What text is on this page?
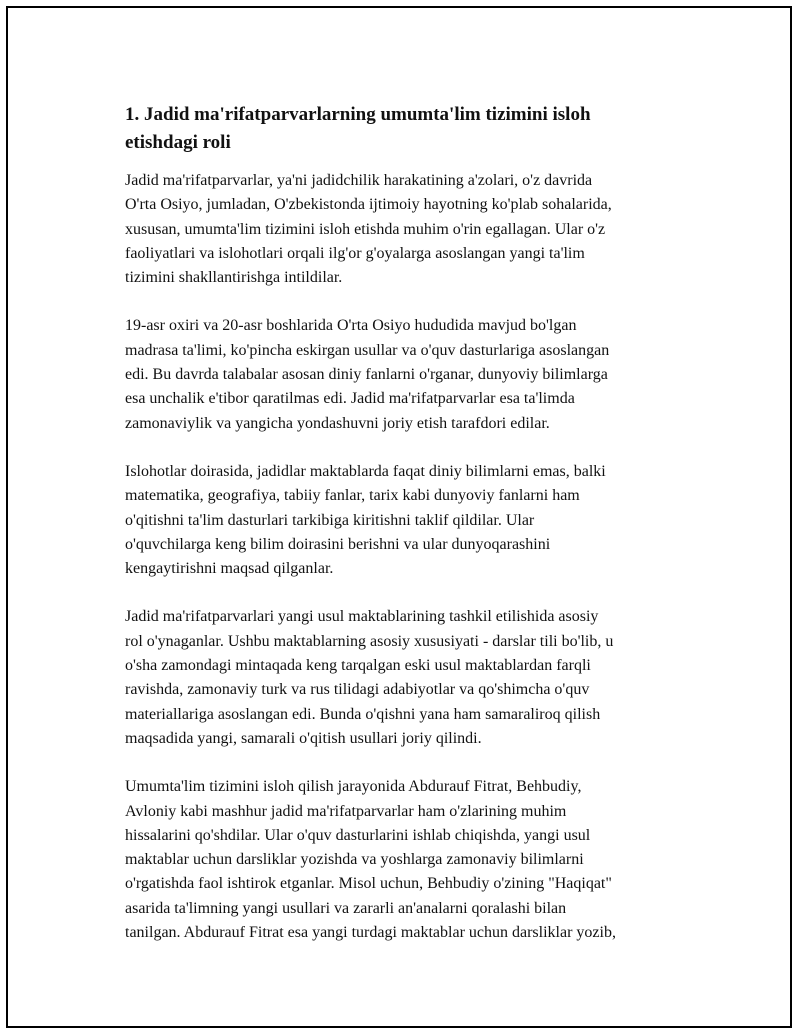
1. Jadid ma'rifatparvarlarning umumta'lim tizimini isloh
etishdagi roli

Jadid ma'rifatparvarlar, ya'ni jadidchilik harakatining a'zolari, o'z davrida
O'rta Osiyo, jumladan, O'zbekistonda ijtimoiy hayotning ko'plab sohalarida,
xususan, umumta'lim tizimini isloh etishda muhim o'rin egallagan. Ular o'z
faoliyatlari va islohotlari orqali ilg'or g'oyalarga asoslangan yangi ta'lim
tizimini shakllantirishga intildilar.

19-asr oxiri va 20-asr boshlarida O'rta Osiyo hududida mavjud bo'lgan
madrasa ta'limi, ko'pincha eskirgan usullar va o'quv dasturlariga asoslangan
edi. Bu davrda talabalar asosan diniy fanlarni o'rganar, dunyoviy bilimlarga
esa unchalik e'tibor qaratilmas edi. Jadid ma'rifatparvarlar esa ta'limda
zamonaviylik va yangicha yondashuvni joriy etish tarafdori edilar.

Islohotlar doirasida, jadidlar maktablarda faqat diniy bilimlarni emas, balki
matematika, geografiya, tabiiy fanlar, tarix kabi dunyoviy fanlarni ham
o'qitishni ta'lim dasturlari tarkibiga kiritishni taklif qildilar. Ular
o'quvchilarga keng bilim doirasini berishni va ular dunyoqarashini
kengaytirishni maqsad qilganlar.

Jadid ma'rifatparvarlari yangi usul maktablarining tashkil etilishida asosiy
rol o'ynaganlar. Ushbu maktablarning asosiy xususiyati - darslar tili bo'lib, u
o'sha zamondagi mintaqada keng tarqalgan eski usul maktablardan farqli
ravishda, zamonaviy turk va rus tilidagi adabiyotlar va qo'shimcha o'quv
materiallariga asoslangan edi. Bunda o'qishni yana ham samaraliroq qilish
maqsadida yangi, samarali o'qitish usullari joriy qilindi.

Umumta'lim tizimini isloh qilish jarayonida Abdurauf Fitrat, Behbudiy,
Avloniy kabi mashhur jadid ma'rifatparvarlar ham o'zlarining muhim
hissalarini qo'shdilar. Ular o'quv dasturlarini ishlab chiqishda, yangi usul
maktablar uchun darsliklar yozishda va yoshlarga zamonaviy bilimlarni
o'rgatishda faol ishtirok etganlar. Misol uchun, Behbudiy o'zining "Haqiqat"
asarida ta'limning yangi usullari va zararli an'analarni qoralashi bilan
tanilgan. Abdurauf Fitrat esa yangi turdagi maktablar uchun darsliklar yozib,
